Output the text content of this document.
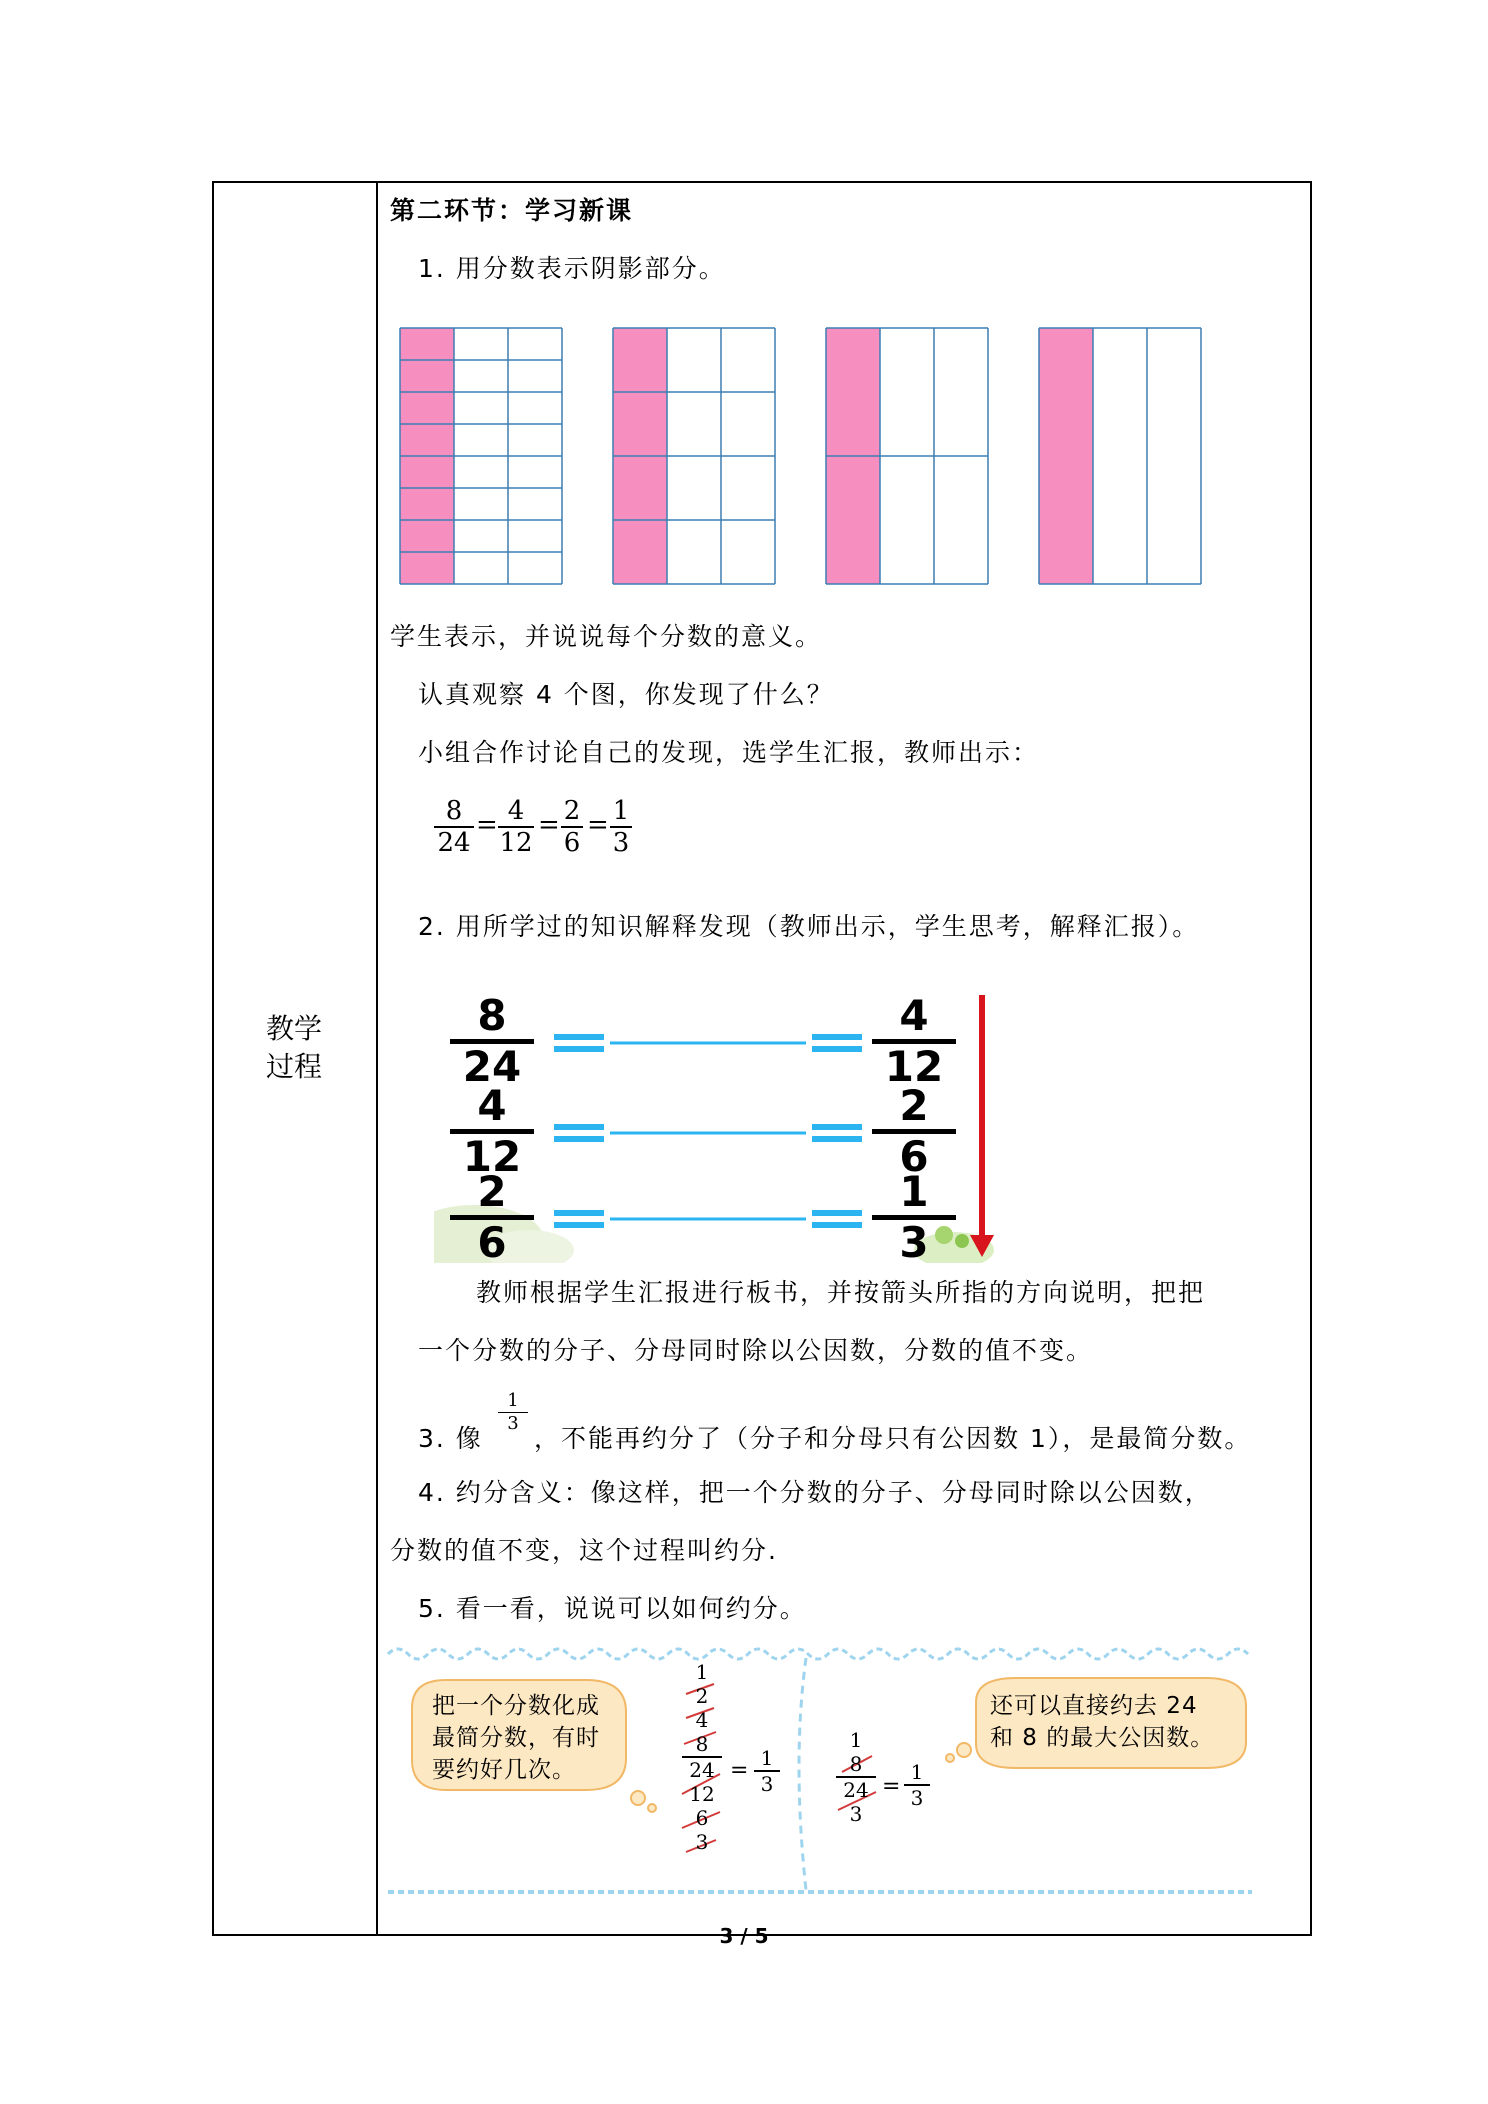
教学
过程
第二环节：学习新课
1. 用分数表示阴影部分。
学生表示，并说说每个分数的意义。
认真观察 4 个图，你发现了什么？
小组合作讨论自己的发现，选学生汇报，教师出示：
8
24
= 4
12
= 2
6
= 1
3
2. 用所学过的知识解释发现（教师出示，学生思考，解释汇报）。
8
24
4
12
4
12
2
6
2
6
1
3
教师根据学生汇报进行板书，并按箭头所指的方向说明，把把
一个分数的分子、分母同时除以公因数，分数的值不变。
3. 像
1
3
，不能再约分了（分子和分母只有公因数 1），是最简分数。
4. 约分含义：像这样，把一个分数的分子、分母同时除以公因数，
分数的值不变，这个过程叫约分.
5. 看一看，说说可以如何约分。
把一个分数化成
最简分数，有时
要约好几次。
还可以直接约去 24
和 8 的最大公因数。
1
2
4
8
24
12
6
3
= 1
3
1
8
24
3
=
1
3
3 / 5
